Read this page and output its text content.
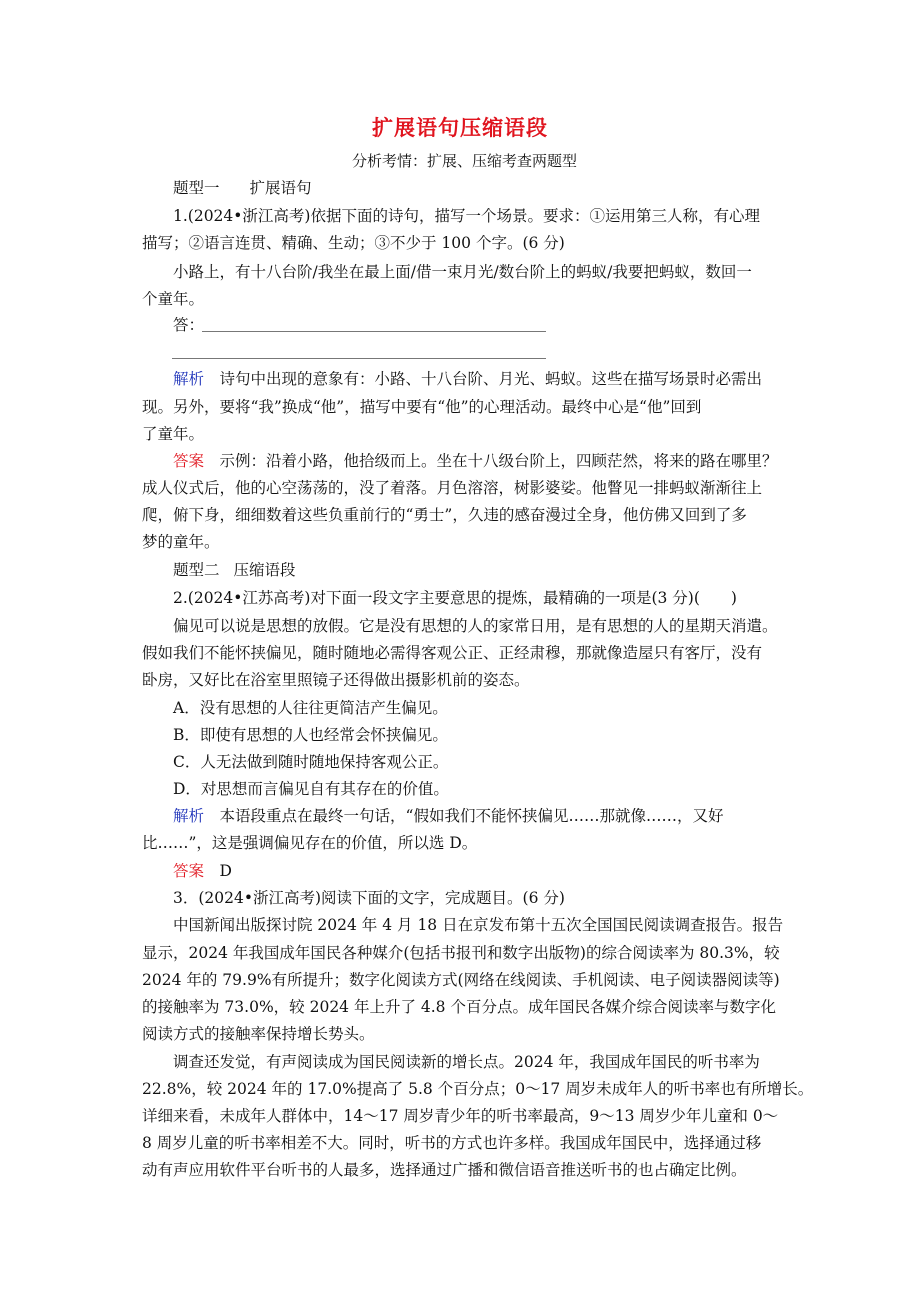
扩展语句压缩语段
分析考情：扩展、压缩考查两题型
题型一 扩展语句
1.(2024•浙江高考)依据下面的诗句，描写一个场景。要求：①运用第三人称，有心理
描写；②语言连贯、精确、生动；③不少于 100 个字。(6 分)
小路上，有十八台阶/我坐在最上面/借一束月光/数台阶上的蚂蚁/我要把蚂蚁，数回一
个童年。
答：
解析　 诗句中出现的意象有：小路、十八台阶、月光、蚂蚁。这些在描写场景时必需出
现。另外，要将“我”换成“他”，描写中要有“他”的心理活动。最终中心是“他”回到
了童年。
答案　 示例：沿着小路，他拾级而上。坐在十八级台阶上，四顾茫然，将来的路在哪里？
成人仪式后，他的心空荡荡的，没了着落。月色溶溶，树影婆娑。他瞥见一排蚂蚁渐渐往上
爬，俯下身，细细数着这些负重前行的“勇士”，久违的感奋漫过全身，他仿佛又回到了多
梦的童年。
题型二 压缩语段
2.(2024•江苏高考)对下面一段文字主要意思的提炼，最精确的一项是(3 分)(　　)
偏见可以说是思想的放假。它是没有思想的人的家常日用，是有思想的人的星期天消遣。
假如我们不能怀挟偏见，随时随地必需得客观公正、正经肃穆，那就像造屋只有客厅，没有
卧房，又好比在浴室里照镜子还得做出摄影机前的姿态。
A．没有思想的人往往更简洁产生偏见。
B．即使有思想的人也经常会怀挟偏见。
C．人无法做到随时随地保持客观公正。
D．对思想而言偏见自有其存在的价值。
解析　 本语段重点在最终一句话，“假如我们不能怀挟偏见……那就像……，又好
比……”，这是强调偏见存在的价值，所以选 D。
答案　 D
3．(2024•浙江高考)阅读下面的文字，完成题目。(6 分)
中国新闻出版探讨院 2024 年 4 月 18 日在京发布第十五次全国国民阅读调查报告。报告
显示，2024 年我国成年国民各种媒介(包括书报刊和数字出版物)的综合阅读率为 80.3%，较
2024 年的 79.9%有所提升；数字化阅读方式(网络在线阅读、手机阅读、电子阅读器阅读等)
的接触率为 73.0%，较 2024 年上升了 4.8 个百分点。成年国民各媒介综合阅读率与数字化
阅读方式的接触率保持增长势头。
调查还发觉，有声阅读成为国民阅读新的增长点。2024 年，我国成年国民的听书率为
22.8%，较 2024 年的 17.0%提高了 5.8 个百分点；0～17 周岁未成年人的听书率也有所增长。
详细来看，未成年人群体中，14～17 周岁青少年的听书率最高，9～13 周岁少年儿童和 0～
8 周岁儿童的听书率相差不大。同时，听书的方式也许多样。我国成年国民中，选择通过移
动有声应用软件平台听书的人最多，选择通过广播和微信语音推送听书的也占确定比例。
